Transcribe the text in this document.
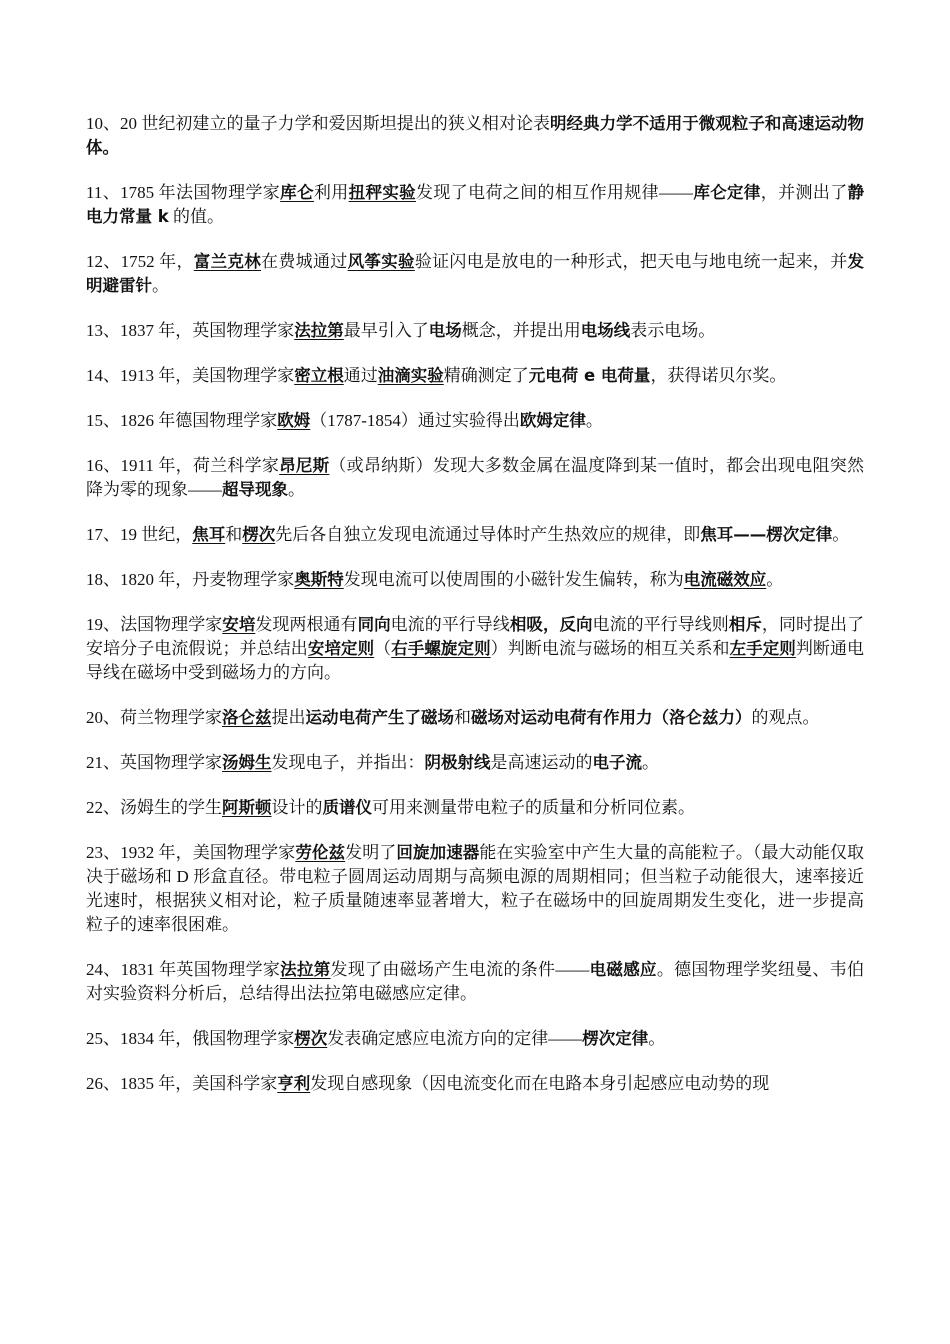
10、20 世纪初建立的量子力学和爱因斯坦提出的狭义相对论表明经典力学不适用于微观粒子和高速运动物体。

11、1785 年法国物理学家库仑利用扭秤实验发现了电荷之间的相互作用规律——库仑定律，并测出了静电力常量 k 的值。

12、1752 年，富兰克林在费城通过风筝实验验证闪电是放电的一种形式，把天电与地电统一起来，并发明避雷针。

13、1837 年，英国物理学家法拉第最早引入了电场概念，并提出用电场线表示电场。

14、1913 年，美国物理学家密立根通过油滴实验精确测定了元电荷 e 电荷量，获得诺贝尔奖。

15、1826 年德国物理学家欧姆（1787-1854）通过实验得出欧姆定律。

16、1911 年，荷兰科学家昂尼斯（或昂纳斯）发现大多数金属在温度降到某一值时，都会出现电阻突然降为零的现象——超导现象。

17、19 世纪，焦耳和楞次先后各自独立发现电流通过导体时产生热效应的规律，即焦耳——楞次定律。

18、1820 年，丹麦物理学家奥斯特发现电流可以使周围的小磁针发生偏转，称为电流磁效应。

19、法国物理学家安培发现两根通有同向电流的平行导线相吸，反向电流的平行导线则相斥，同时提出了安培分子电流假说；并总结出安培定则（右手螺旋定则）判断电流与磁场的相互关系和左手定则判断通电导线在磁场中受到磁场力的方向。

20、荷兰物理学家洛仑兹提出运动电荷产生了磁场和磁场对运动电荷有作用力（洛仑兹力）的观点。

21、英国物理学家汤姆生发现电子，并指出：阴极射线是高速运动的电子流。

22、汤姆生的学生阿斯顿设计的质谱仪可用来测量带电粒子的质量和分析同位素。

23、1932 年，美国物理学家劳伦兹发明了回旋加速器能在实验室中产生大量的高能粒子。（最大动能仅取决于磁场和 D 形盒直径。带电粒子圆周运动周期与高频电源的周期相同；但当粒子动能很大，速率接近光速时，根据狭义相对论，粒子质量随速率显著增大，粒子在磁场中的回旋周期发生变化，进一步提高粒子的速率很困难。

24、1831 年英国物理学家法拉第发现了由磁场产生电流的条件——电磁感应。德国物理学奖纽曼、韦伯对实验资料分析后，总结得出法拉第电磁感应定律。

25、1834 年，俄国物理学家楞次发表确定感应电流方向的定律——楞次定律。

26、1835 年，美国科学家亨利发现自感现象（因电流变化而在电路本身引起感应电动势的现
